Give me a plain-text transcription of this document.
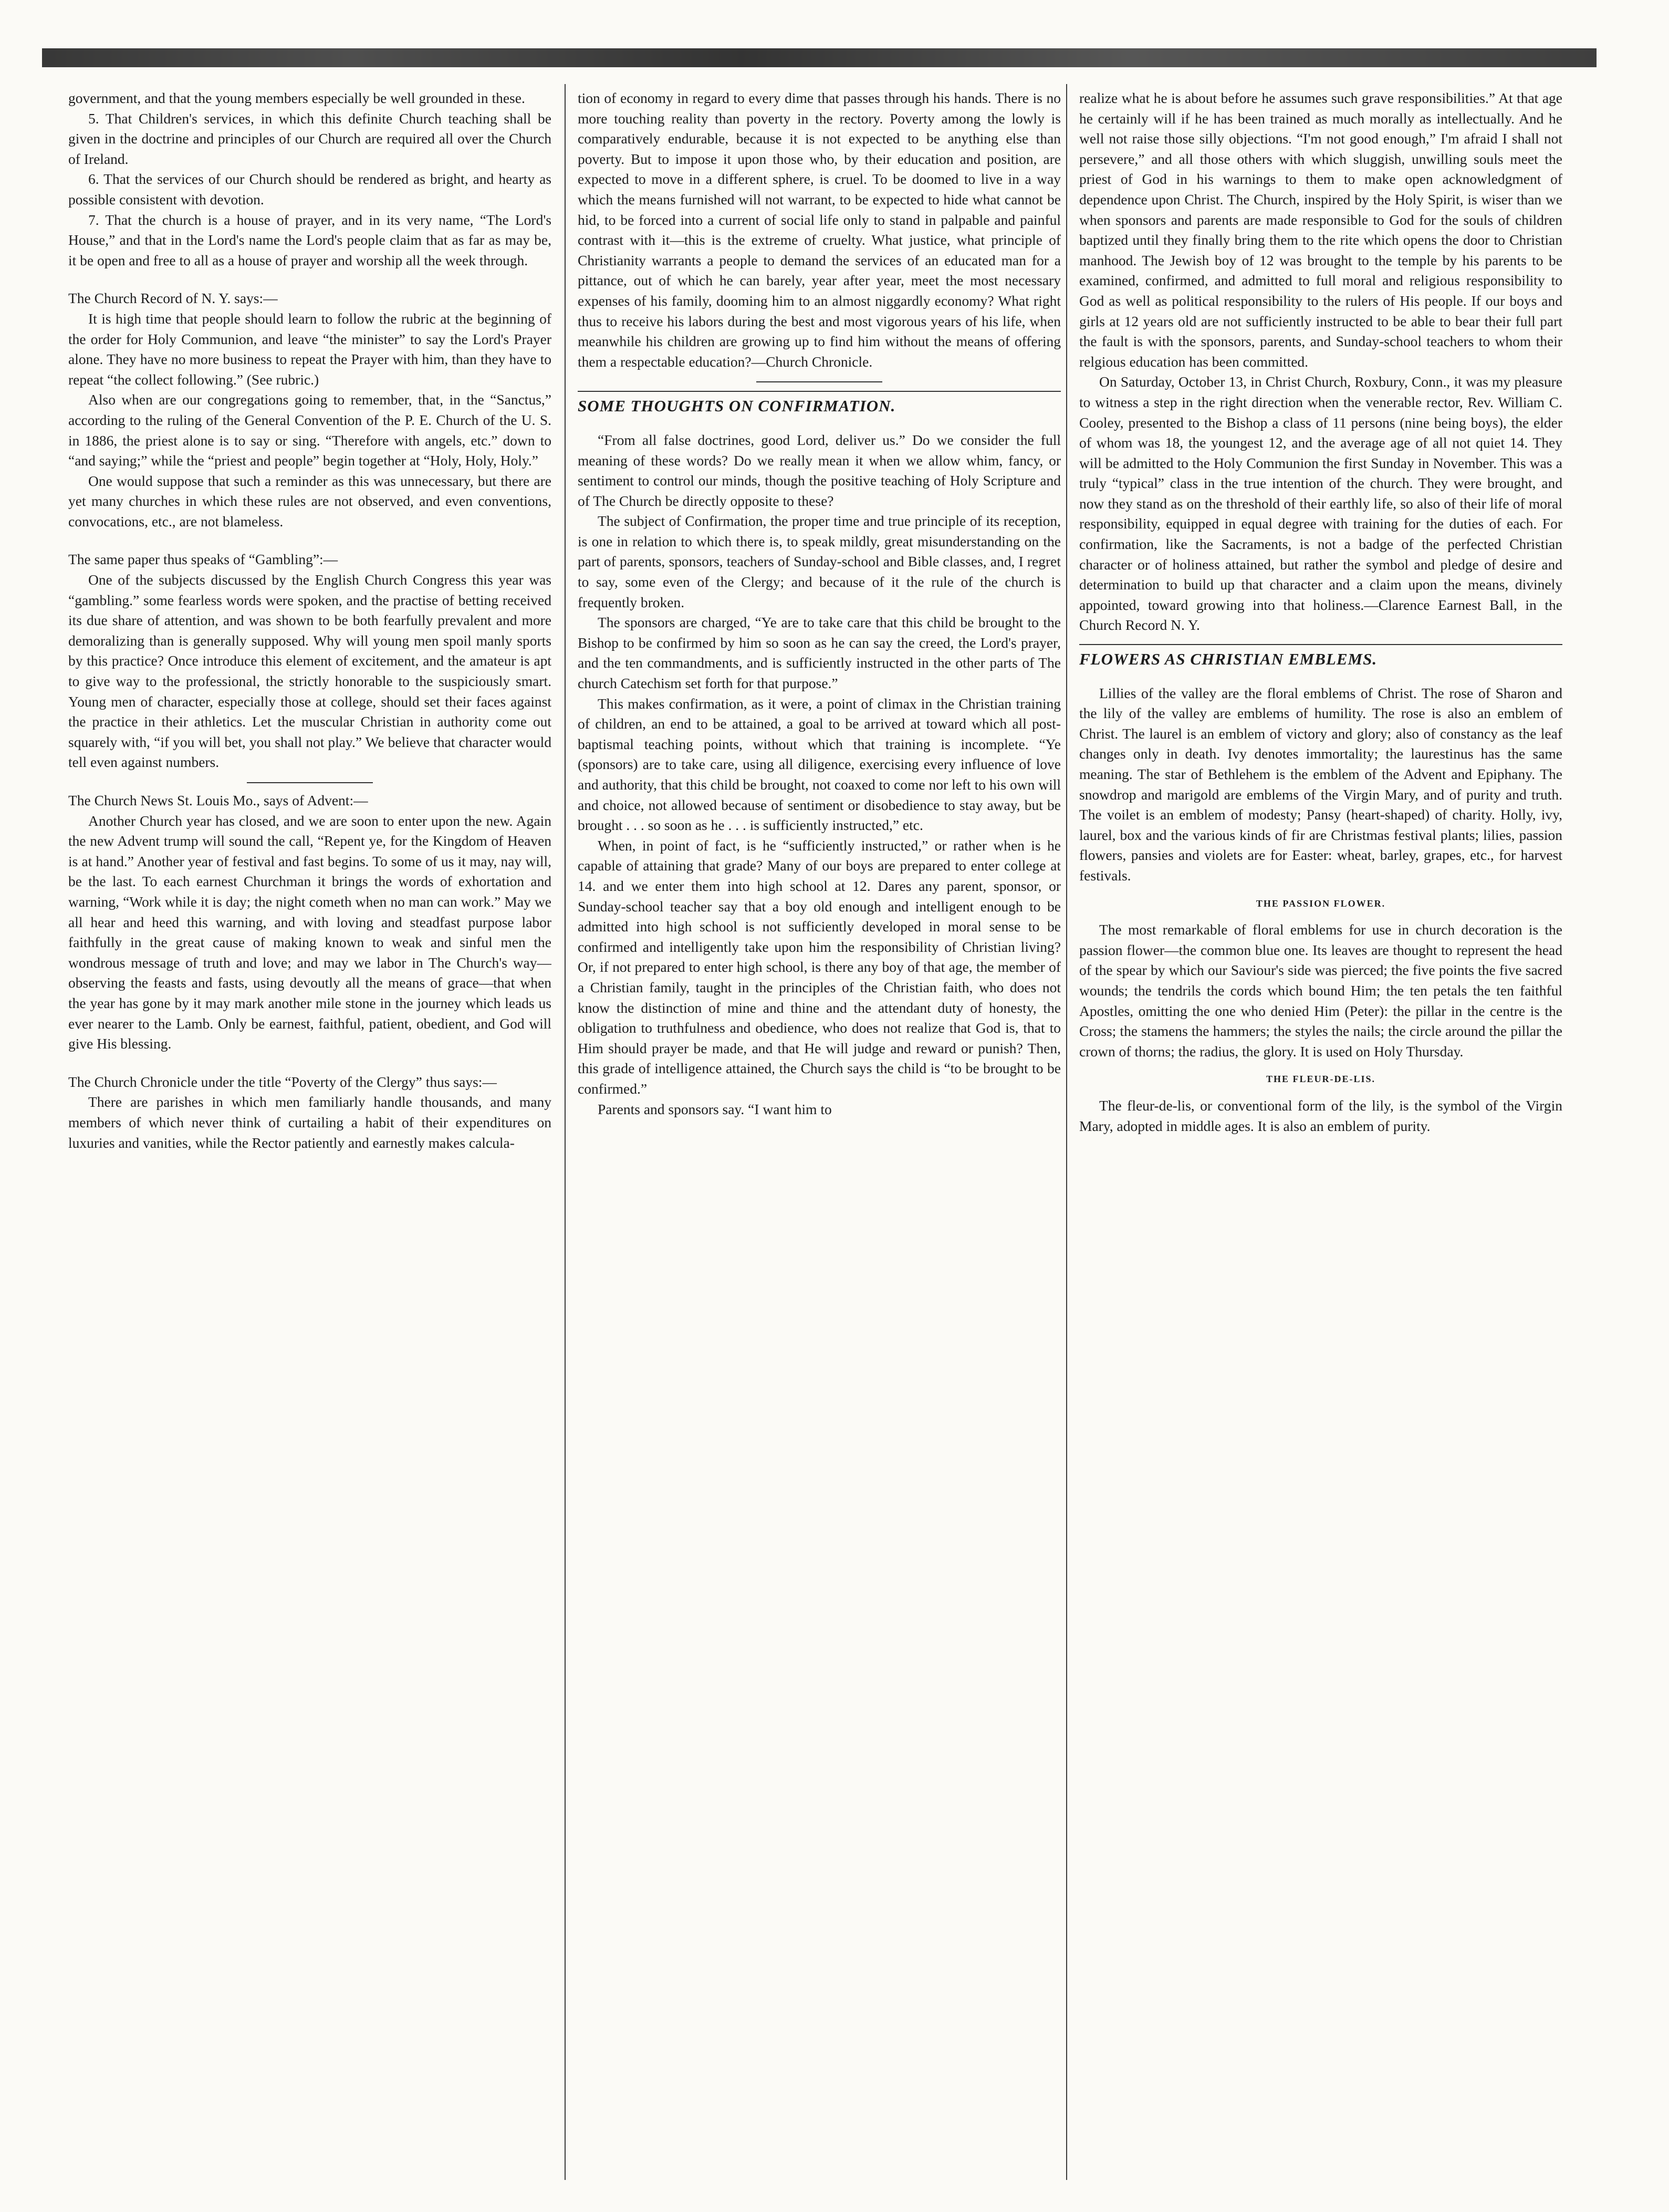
government, and that the young members especially be well grounded in these.

5. That Children's services, in which this definite Church teaching shall be given in the doctrine and principles of our Church are required all over the Church of Ireland.

6. That the services of our Church should be rendered as bright, and hearty as possible consistent with devotion.

7. That the church is a house of prayer, and in its very name, “The Lord's House,” and that in the Lord's name the Lord's people claim that as far as may be, it be open and free to all as a house of prayer and worship all the week through.

The Church Record of N. Y. says:—

It is high time that people should learn to follow the rubric at the beginning of the order for Holy Communion, and leave “the minister” to say the Lord's Prayer alone. They have no more business to repeat the Prayer with him, than they have to repeat “the collect following.” (See rubric.)

Also when are our congregations going to remember, that, in the “Sanctus,” according to the ruling of the General Convention of the P. E. Church of the U. S. in 1886, the priest alone is to say or sing. “Therefore with angels, etc.” down to “and saying;” while the “priest and people” begin together at “Holy, Holy, Holy.”

One would suppose that such a reminder as this was unnecessary, but there are yet many churches in which these rules are not observed, and even conventions, convocations, etc., are not blameless.

The same paper thus speaks of “Gambling”:—

One of the subjects discussed by the English Church Congress this year was “gambling.” some fearless words were spoken, and the practise of betting received its due share of attention, and was shown to be both fearfully prevalent and more demoralizing than is generally supposed. Why will young men spoil manly sports by this practice? Once introduce this element of excitement, and the amateur is apt to give way to the professional, the strictly honorable to the suspiciously smart. Young men of character, especially those at college, should set their faces against the practice in their athletics. Let the muscular Christian in authority come out squarely with, “if you will bet, you shall not play.” We believe that character would tell even against numbers.

The Church News St. Louis Mo., says of Advent:—

Another Church year has closed, and we are soon to enter upon the new. Again the new Advent trump will sound the call, “Repent ye, for the Kingdom of Heaven is at hand.” Another year of festival and fast begins. To some of us it may, nay will, be the last. To each earnest Churchman it brings the words of exhortation and warning, “Work while it is day; the night cometh when no man can work.” May we all hear and heed this warning, and with loving and steadfast purpose labor faithfully in the great cause of making known to weak and sinful men the wondrous message of truth and love; and may we labor in The Church's way—observing the feasts and fasts, using devoutly all the means of grace—that when the year has gone by it may mark another mile stone in the journey which leads us ever nearer to the Lamb. Only be earnest, faithful, patient, obedient, and God will give His blessing.

The Church Chronicle under the title “Poverty of the Clergy” thus says:—

There are parishes in which men familiarly handle thousands, and many members of which never think of curtailing a habit of their expenditures on luxuries and vanities, while the Rector patiently and earnestly makes calcula-

tion of economy in regard to every dime that passes through his hands. There is no more touching reality than poverty in the rectory. Poverty among the lowly is comparatively endurable, because it is not expected to be anything else than poverty. But to impose it upon those who, by their education and position, are expected to move in a different sphere, is cruel. To be doomed to live in a way which the means furnished will not warrant, to be expected to hide what cannot be hid, to be forced into a current of social life only to stand in palpable and painful contrast with it—this is the extreme of cruelty. What justice, what principle of Christianity warrants a people to demand the services of an educated man for a pittance, out of which he can barely, year after year, meet the most necessary expenses of his family, dooming him to an almost niggardly economy? What right thus to receive his labors during the best and most vigorous years of his life, when meanwhile his children are growing up to find him without the means of offering them a respectable education?—Church Chronicle.

SOME THOUGHTS ON CONFIRMATION.

“From all false doctrines, good Lord, deliver us.” Do we consider the full meaning of these words? Do we really mean it when we allow whim, fancy, or sentiment to control our minds, though the positive teaching of Holy Scripture and of The Church be directly opposite to these?

The subject of Confirmation, the proper time and true principle of its reception, is one in relation to which there is, to speak mildly, great misunderstanding on the part of parents, sponsors, teachers of Sunday-school and Bible classes, and, I regret to say, some even of the Clergy; and because of it the rule of the church is frequently broken.

The sponsors are charged, “Ye are to take care that this child be brought to the Bishop to be confirmed by him so soon as he can say the creed, the Lord's prayer, and the ten commandments, and is sufficiently instructed in the other parts of The church Catechism set forth for that purpose.”

This makes confirmation, as it were, a point of climax in the Christian training of children, an end to be attained, a goal to be arrived at toward which all post-baptismal teaching points, without which that training is incomplete. “Ye (sponsors) are to take care, using all diligence, exercising every influence of love and authority, that this child be brought, not coaxed to come nor left to his own will and choice, not allowed because of sentiment or disobedience to stay away, but be brought . . . so soon as he . . . is sufficiently instructed,” etc.

When, in point of fact, is he “sufficiently instructed,” or rather when is he capable of attaining that grade? Many of our boys are prepared to enter college at 14. and we enter them into high school at 12. Dares any parent, sponsor, or Sunday-school teacher say that a boy old enough and intelligent enough to be admitted into high school is not sufficiently developed in moral sense to be confirmed and intelligently take upon him the responsibility of Christian living? Or, if not prepared to enter high school, is there any boy of that age, the member of a Christian family, taught in the principles of the Christian faith, who does not know the distinction of mine and thine and the attendant duty of honesty, the obligation to truthfulness and obedience, who does not realize that God is, that to Him should prayer be made, and that He will judge and reward or punish? Then, this grade of intelligence attained, the Church says the child is “to be brought to be confirmed.”

Parents and sponsors say. “I want him to

realize what he is about before he assumes such grave responsibilities.” At that age he certainly will if he has been trained as much morally as intellectually. And he well not raise those silly objections. “I'm not good enough,” I'm afraid I shall not persevere,” and all those others with which sluggish, unwilling souls meet the priest of God in his warnings to them to make open acknowledgment of dependence upon Christ. The Church, inspired by the Holy Spirit, is wiser than we when sponsors and parents are made responsible to God for the souls of children baptized until they finally bring them to the rite which opens the door to Christian manhood. The Jewish boy of 12 was brought to the temple by his parents to be examined, confirmed, and admitted to full moral and religious responsibility to God as well as political responsibility to the rulers of His people. If our boys and girls at 12 years old are not sufficiently instructed to be able to bear their full part the fault is with the sponsors, parents, and Sunday-school teachers to whom their relgious education has been committed.

On Saturday, October 13, in Christ Church, Roxbury, Conn., it was my pleasure to witness a step in the right direction when the venerable rector, Rev. William C. Cooley, presented to the Bishop a class of 11 persons (nine being boys), the elder of whom was 18, the youngest 12, and the average age of all not quiet 14. They will be admitted to the Holy Communion the first Sunday in November. This was a truly “typical” class in the true intention of the church. They were brought, and now they stand as on the threshold of their earthly life, so also of their life of moral responsibility, equipped in equal degree with training for the duties of each. For confirmation, like the Sacraments, is not a badge of the perfected Christian character or of holiness attained, but rather the symbol and pledge of desire and determination to build up that character and a claim upon the means, divinely appointed, toward growing into that holiness.—Clarence Earnest Ball, in the Church Record N. Y.

FLOWERS AS CHRISTIAN EMBLEMS.

Lillies of the valley are the floral emblems of Christ. The rose of Sharon and the lily of the valley are emblems of humility. The rose is also an emblem of Christ. The laurel is an emblem of victory and glory; also of constancy as the leaf changes only in death. Ivy denotes immortality; the laurestinus has the same meaning. The star of Bethlehem is the emblem of the Advent and Epiphany. The snowdrop and marigold are emblems of the Virgin Mary, and of purity and truth. The voilet is an emblem of modesty; Pansy (heart-shaped) of charity. Holly, ivy, laurel, box and the various kinds of fir are Christmas festival plants; lilies, passion flowers, pansies and violets are for Easter: wheat, barley, grapes, etc., for harvest festivals.

THE PASSION FLOWER.

The most remarkable of floral emblems for use in church decoration is the passion flower—the common blue one. Its leaves are thought to represent the head of the spear by which our Saviour's side was pierced; the five points the five sacred wounds; the tendrils the cords which bound Him; the ten petals the ten faithful Apostles, omitting the one who denied Him (Peter): the pillar in the centre is the Cross; the stamens the hammers; the styles the nails; the circle around the pillar the crown of thorns; the radius, the glory. It is used on Holy Thursday.

THE FLEUR-DE-LIS.

The fleur-de-lis, or conventional form of the lily, is the symbol of the Virgin Mary, adopted in middle ages. It is also an emblem of purity.
